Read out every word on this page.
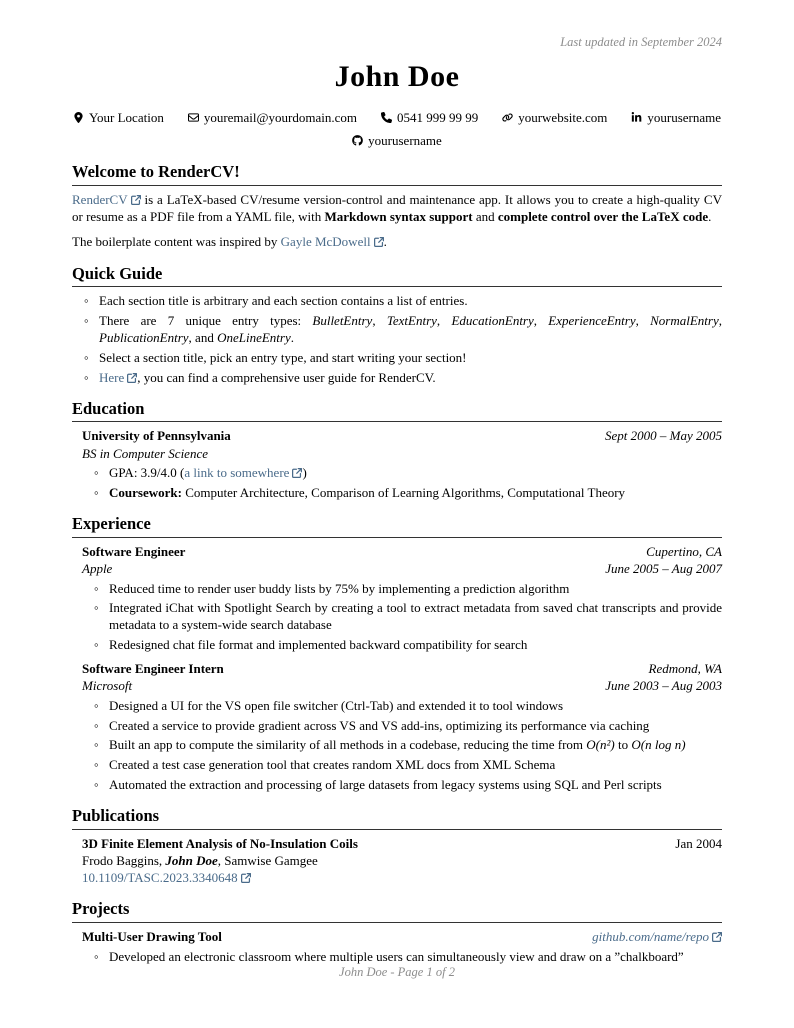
Last updated in September 2024
John Doe
Your Location	youremail@yourdomain.com	0541 999 99 99	yourwebsite.com	yourusername
yourusername
Welcome to RenderCV!

RenderCV is a LaTeX-based CV/resume version-control and maintenance app. It allows you to create a high-quality CV or resume as a PDF file from a YAML file, with Markdown syntax support and complete control over the LaTeX code.

The boilerplate content was inspired by Gayle McDowell .

Quick Guide
◦ Each section title is arbitrary and each section contains a list of entries.
◦ There are 7 unique entry types: BulletEntry, TextEntry, EducationEntry, ExperienceEntry, NormalEntry, PublicationEntry, and OneLineEntry.
◦ Select a section title, pick an entry type, and start writing your section!
◦ Here , you can find a comprehensive user guide for RenderCV.
Education
University of Pennsylvania	Sept 2000 – May 2005
BS in Computer Science
◦ GPA: 3.9/4.0 (a link to somewhere )
◦ Coursework: Computer Architecture, Comparison of Learning Algorithms, Computational Theory
Experience
Software Engineer	Cupertino, CA
Apple	June 2005 – Aug 2007
◦ Reduced time to render user buddy lists by 75% by implementing a prediction algorithm
◦ Integrated iChat with Spotlight Search by creating a tool to extract metadata from saved chat transcripts and provide metadata to a system-wide search database
◦ Redesigned chat file format and implemented backward compatibility for search
Software Engineer Intern	Redmond, WA
Microsoft	June 2003 – Aug 2003
◦ Designed a UI for the VS open file switcher (Ctrl-Tab) and extended it to tool windows
◦ Created a service to provide gradient across VS and VS add-ins, optimizing its performance via caching
◦ Built an app to compute the similarity of all methods in a codebase, reducing the time from O(n²) to O(n log n)
◦ Created a test case generation tool that creates random XML docs from XML Schema
◦ Automated the extraction and processing of large datasets from legacy systems using SQL and Perl scripts
Publications
3D Finite Element Analysis of No-Insulation Coils	Jan 2004
Frodo Baggins, John Doe, Samwise Gamgee
10.1109/TASC.2023.3340648
Projects
Multi-User Drawing Tool	github.com/name/repo
◦ Developed an electronic classroom where multiple users can simultaneously view and draw on a ”chalkboard”
John Doe - Page 1 of 2
